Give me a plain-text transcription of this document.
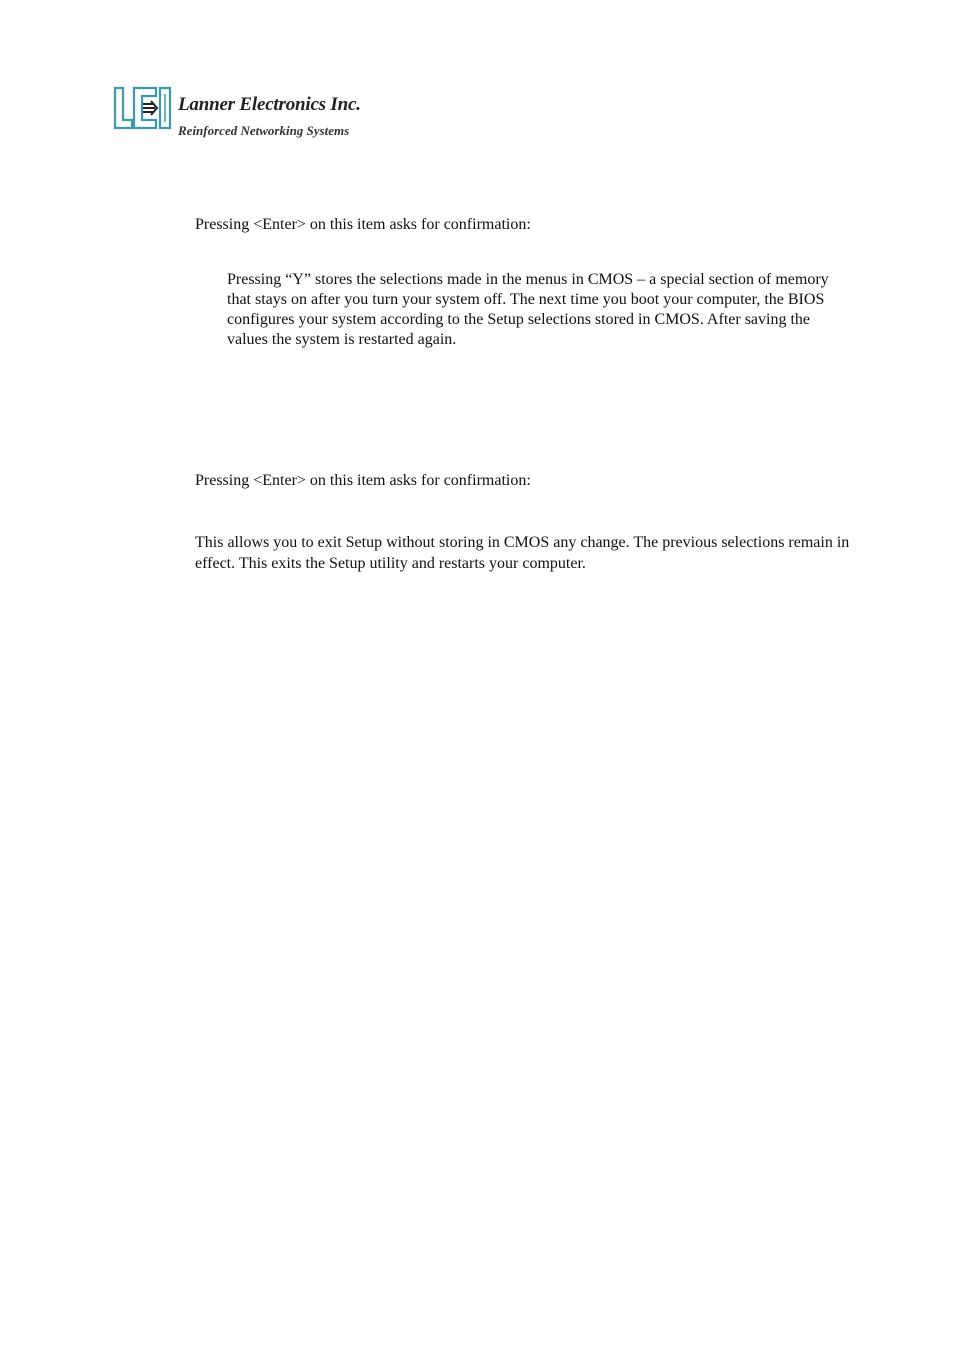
Lanner Electronics Inc.
Reinforced Networking Systems
Pressing <Enter> on this item asks for confirmation:
Pressing “Y” stores the selections made in the menus in CMOS – a special section of memory that stays on after you turn your system off. The next time you boot your computer, the BIOS configures your system according to the Setup selections stored in CMOS. After saving the values the system is restarted again.
Pressing <Enter> on this item asks for confirmation:
This allows you to exit Setup without storing in CMOS any change. The previous selections remain in effect. This exits the Setup utility and restarts your computer.
